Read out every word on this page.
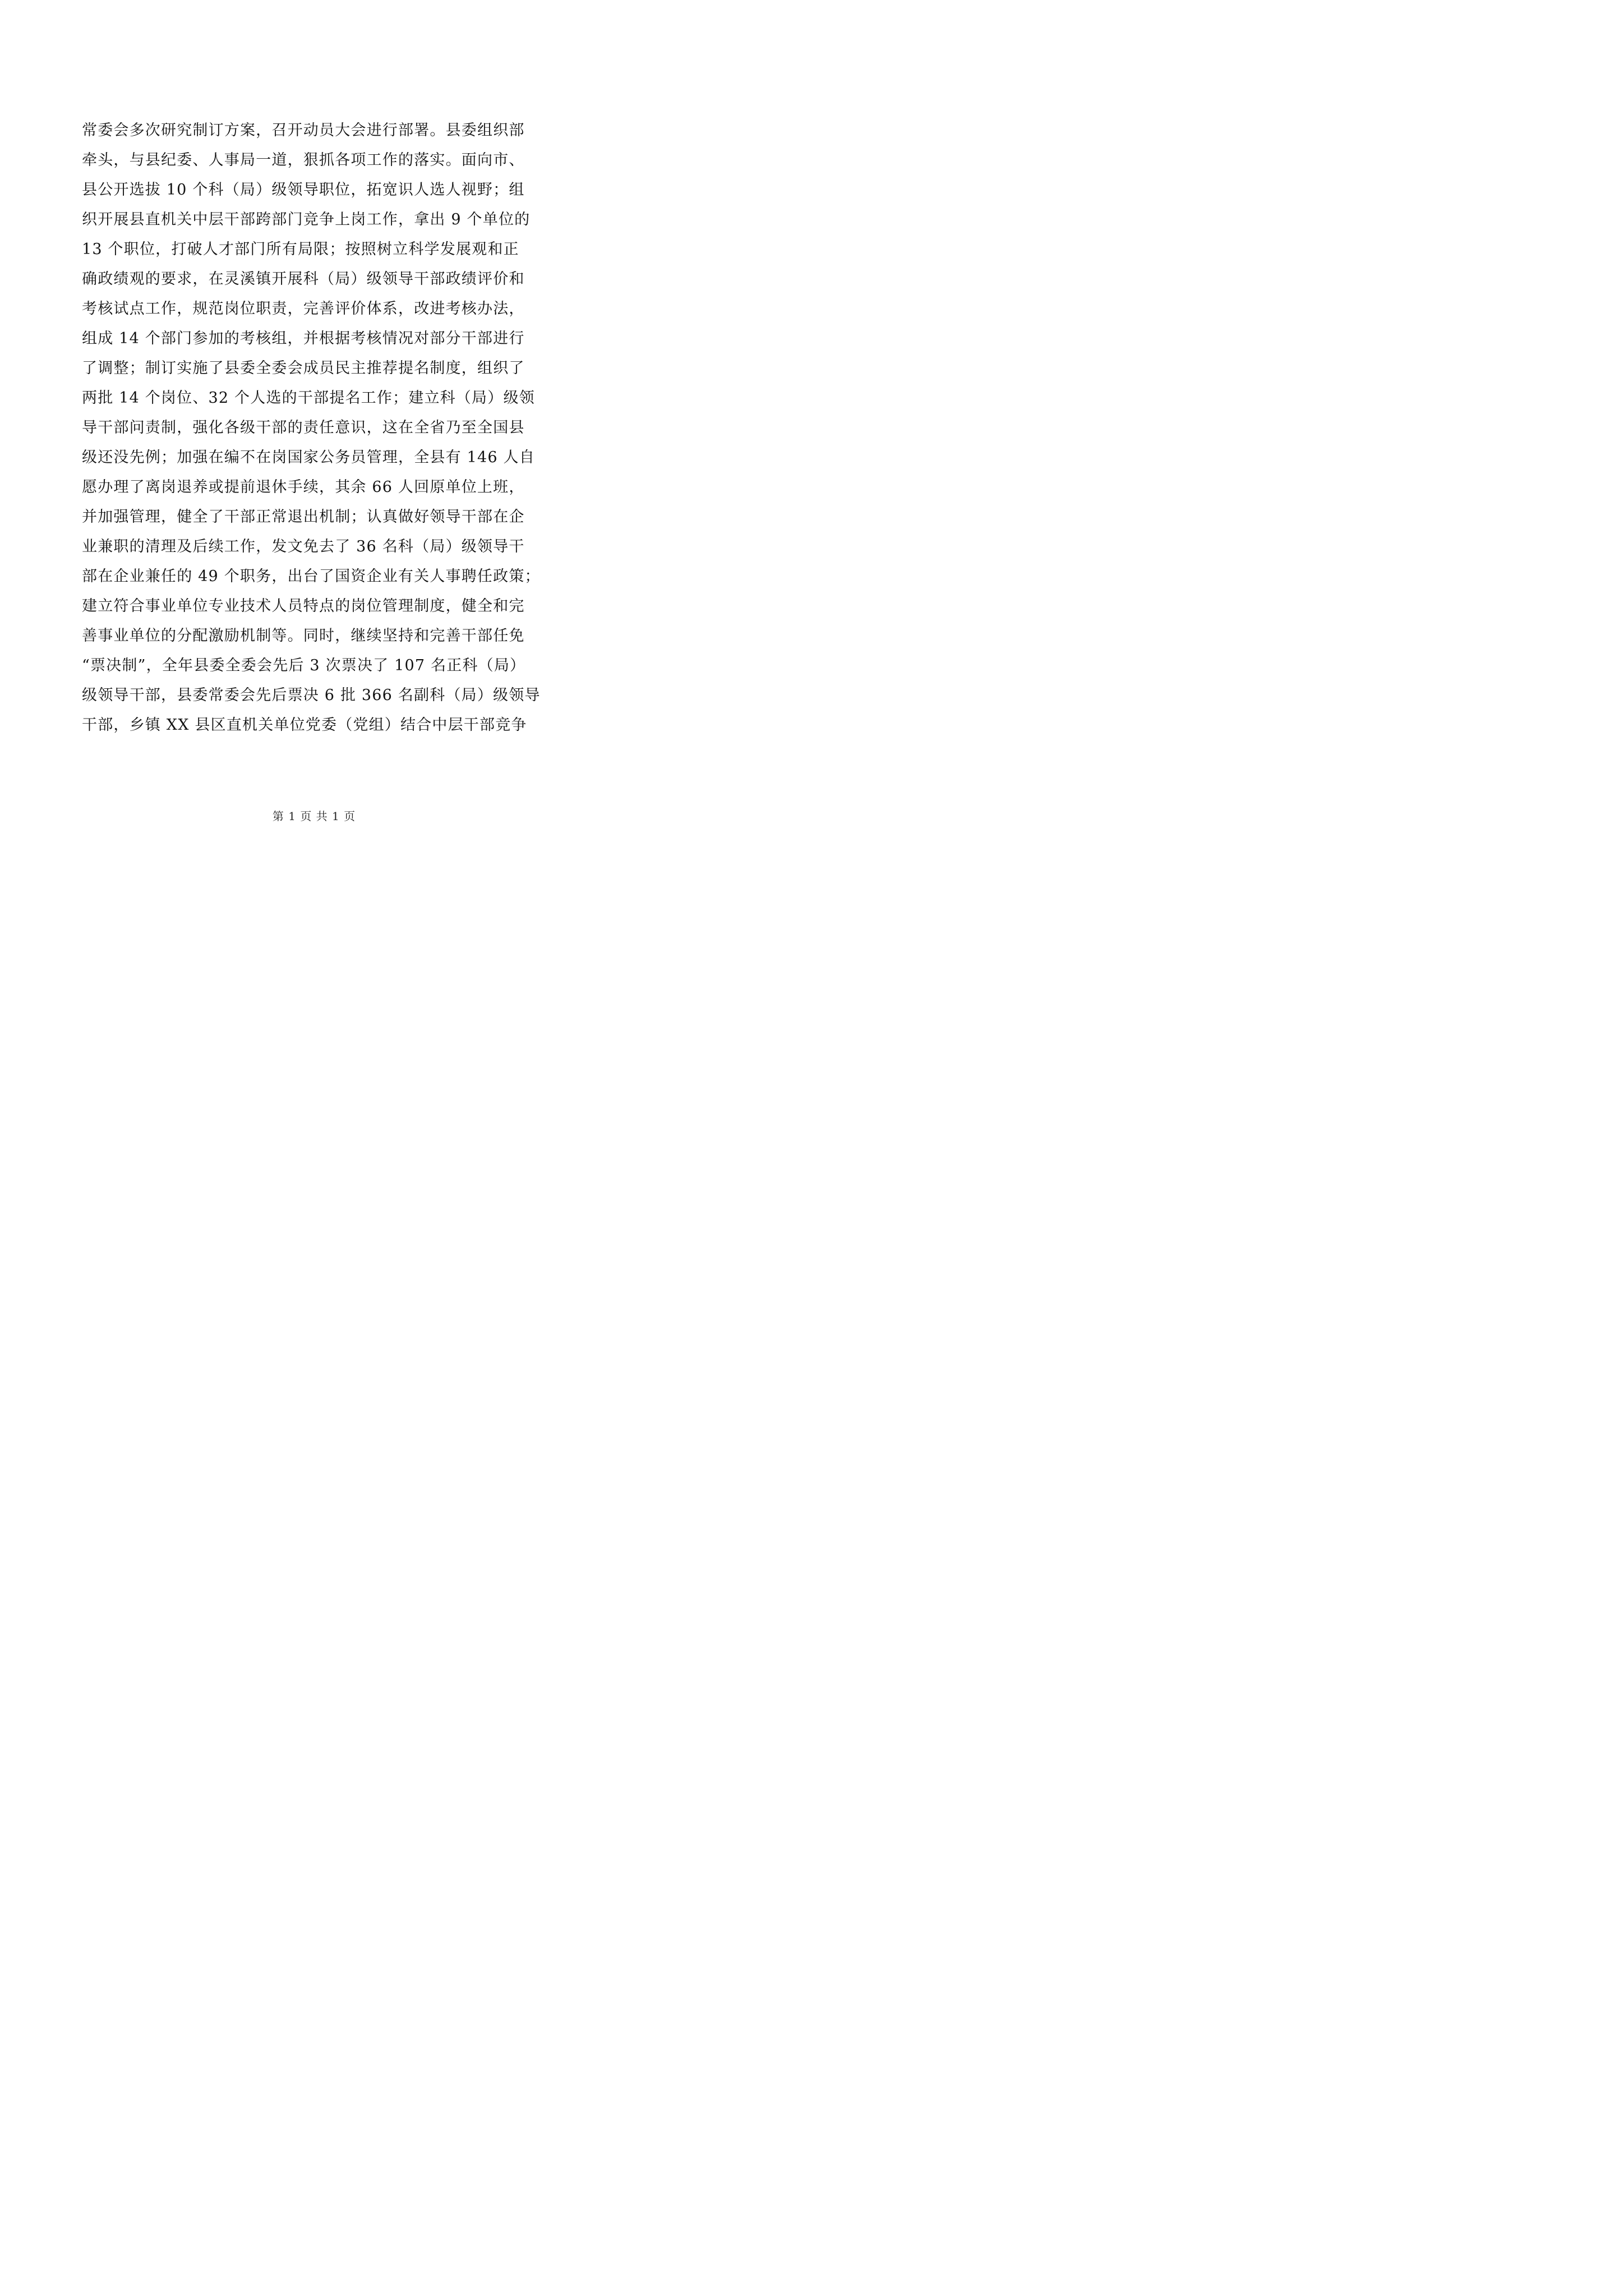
常委会多次研究制订方案，召开动员大会进行部署。县委组织部
牵头，与县纪委、人事局一道，狠抓各项工作的落实。面向市、
县公开选拔 10 个科（局）级领导职位，拓宽识人选人视野；组
织开展县直机关中层干部跨部门竞争上岗工作，拿出 9 个单位的
13 个职位，打破人才部门所有局限；按照树立科学发展观和正
确政绩观的要求，在灵溪镇开展科（局）级领导干部政绩评价和
考核试点工作，规范岗位职责，完善评价体系，改进考核办法，
组成 14 个部门参加的考核组，并根据考核情况对部分干部进行
了调整；制订实施了县委全委会成员民主推荐提名制度，组织了
两批 14 个岗位、32 个人选的干部提名工作；建立科（局）级领
导干部问责制，强化各级干部的责任意识，这在全省乃至全国县
级还没先例；加强在编不在岗国家公务员管理，全县有 146 人自
愿办理了离岗退养或提前退休手续，其余 66 人回原单位上班，
并加强管理，健全了干部正常退出机制；认真做好领导干部在企
业兼职的清理及后续工作，发文免去了 36 名科（局）级领导干
部在企业兼任的 49 个职务，出台了国资企业有关人事聘任政策；
建立符合事业单位专业技术人员特点的岗位管理制度，健全和完
善事业单位的分配激励机制等。同时，继续坚持和完善干部任免
“票决制”，全年县委全委会先后 3 次票决了 107 名正科（局）
级领导干部，县委常委会先后票决 6 批 366 名副科（局）级领导
干部，乡镇 XX 县区直机关单位党委（党组）结合中层干部竞争
第 1 页 共 1 页
